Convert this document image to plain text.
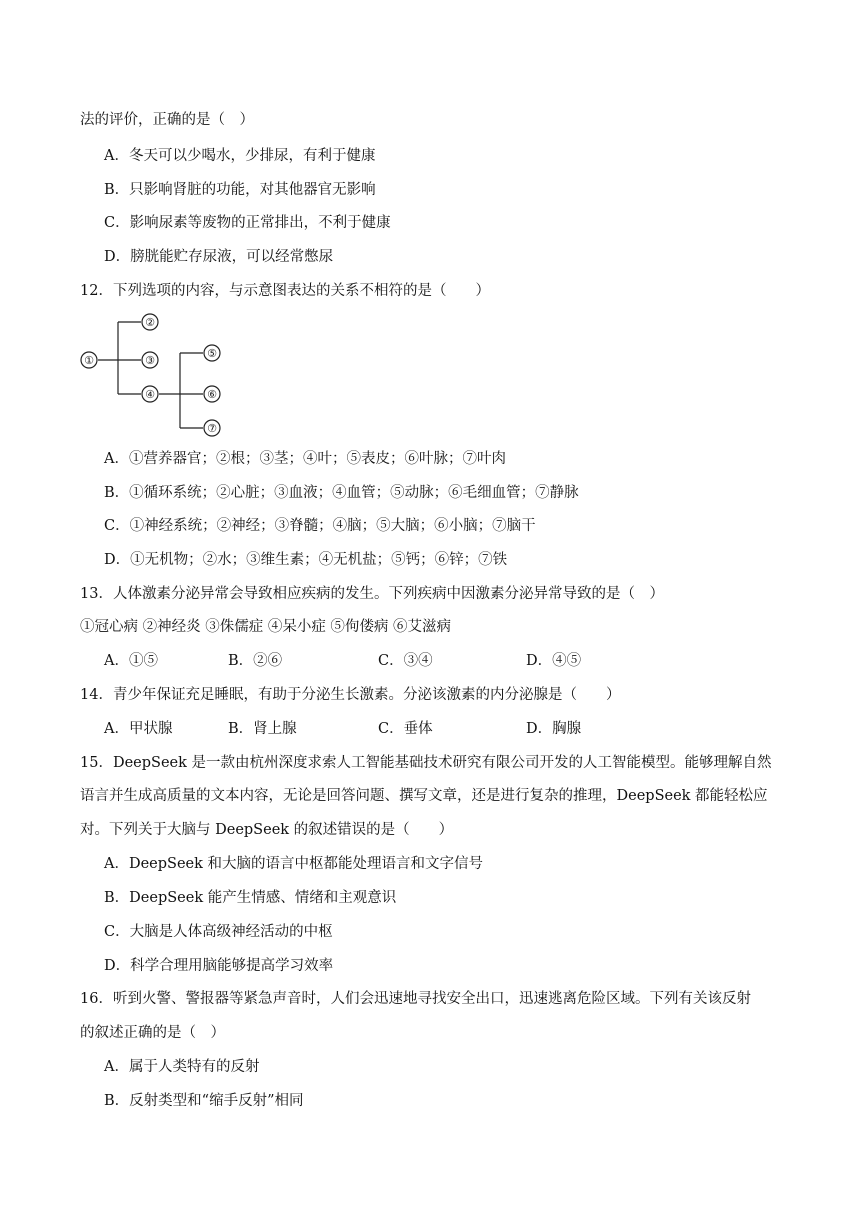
法的评价，正确的是（　）
A．冬天可以少喝水，少排尿，有利于健康
B．只影响肾脏的功能，对其他器官无影响
C．影响尿素等废物的正常排出，不利于健康
D．膀胱能贮存尿液，可以经常憋尿
12．下列选项的内容，与示意图表达的关系不相符的是（　　）
①
②
③
④
⑤
⑥
⑦
A．①营养器官；②根；③茎；④叶；⑤表皮；⑥叶脉；⑦叶肉
B．①循环系统；②心脏；③血液；④血管；⑤动脉；⑥毛细血管；⑦静脉
C．①神经系统；②神经；③脊髓；④脑；⑤大脑；⑥小脑；⑦脑干
D．①无机物；②水；③维生素；④无机盐；⑤钙；⑥锌；⑦铁
13．人体激素分泌异常会导致相应疾病的发生。下列疾病中因激素分泌异常导致的是（　）
①冠心病 ②神经炎 ③侏儒症 ④呆小症 ⑤佝偻病 ⑥艾滋病
A．①⑤	B．②⑥	C．③④	D．④⑤
14．青少年保证充足睡眠，有助于分泌生长激素。分泌该激素的内分泌腺是（　　）
A．甲状腺	B．肾上腺	C．垂体	D．胸腺
15．DeepSeek 是一款由杭州深度求索人工智能基础技术研究有限公司开发的人工智能模型。能够理解自然
语言并生成高质量的文本内容，无论是回答问题、撰写文章，还是进行复杂的推理，DeepSeek 都能轻松应
对。下列关于大脑与 DeepSeek 的叙述错误的是（　　）
A．DeepSeek 和大脑的语言中枢都能处理语言和文字信号
B．DeepSeek 能产生情感、情绪和主观意识
C．大脑是人体高级神经活动的中枢
D．科学合理用脑能够提高学习效率
16．听到火警、警报器等紧急声音时，人们会迅速地寻找安全出口，迅速逃离危险区域。下列有关该反射
的叙述正确的是（　）
A．属于人类特有的反射
B．反射类型和“缩手反射”相同
